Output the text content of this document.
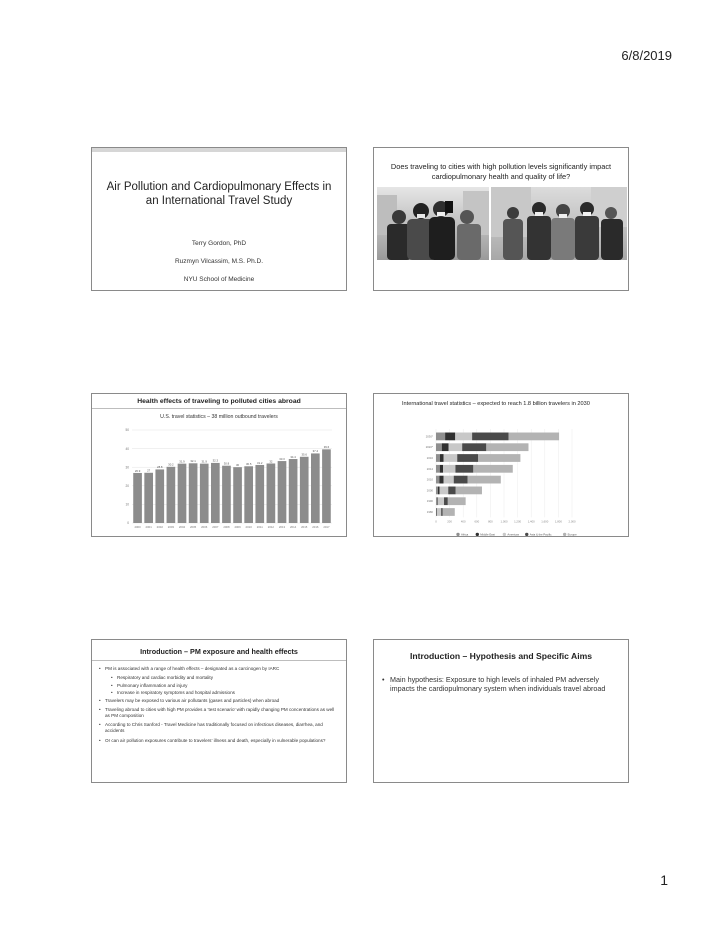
6/8/2019
Air Pollution and Cardiopulmonary Effects in an International Travel Study
Terry Gordon, PhD
Ruzmyn Vilcassim, M.S. Ph.D.
NYU School of Medicine
Does traveling to cities with high pollution levels significantly impact cardiopulmonary health and quality of life?
Health effects of traveling to polluted cities abroad
U.S. travel statistics – 38 million outbound travelers
0
10
20
30
40
50
26.9
2000
27
2001
28.8
2002
30.2
2003
31.9
2004
32.1
2005
31.9
2006
32.3
2007
30.8
2008
30
2009
30.5
2010
31.2
2011
32
2012
33.3
2013
34.4
2014
35.6
2015
37.4
2016
39.6
2017
International travel statistics – expected to reach 1.8 billion travelers in 2030
0	200	400	600	800	1,000 1,200 1,400 1,600 1,800 2,000
2030*
2020*
2016
2014
2010
2000
1990
1980
Africa	Middle East	Americas	Asia & the Pacific	Europe
Introduction – PM exposure and health effects
• PM is associated with a range of health effects – designated as a carcinogen by IARC
• Respiratory and cardiac morbidity and mortality
• Pulmonary inflammation and injury
• Increase in respiratory symptoms and hospital admissions
• Travelers may be exposed to various air pollutants (gases and particles) when abroad
• Traveling abroad to cities with high PM provides a ‘test scenario’ with rapidly changing PM concentrations as well as PM composition
• According to Chris Sanford - Travel Medicine has traditionally focused on infectious diseases, diarrhea, and accidents
• Or can air pollution exposures contribute to travelers’ illness and death, especially in vulnerable populations?
Introduction – Hypothesis and Specific Aims
• Main hypothesis: Exposure to high levels of inhaled PM adversely impacts the cardiopulmonary system when individuals travel abroad
1
